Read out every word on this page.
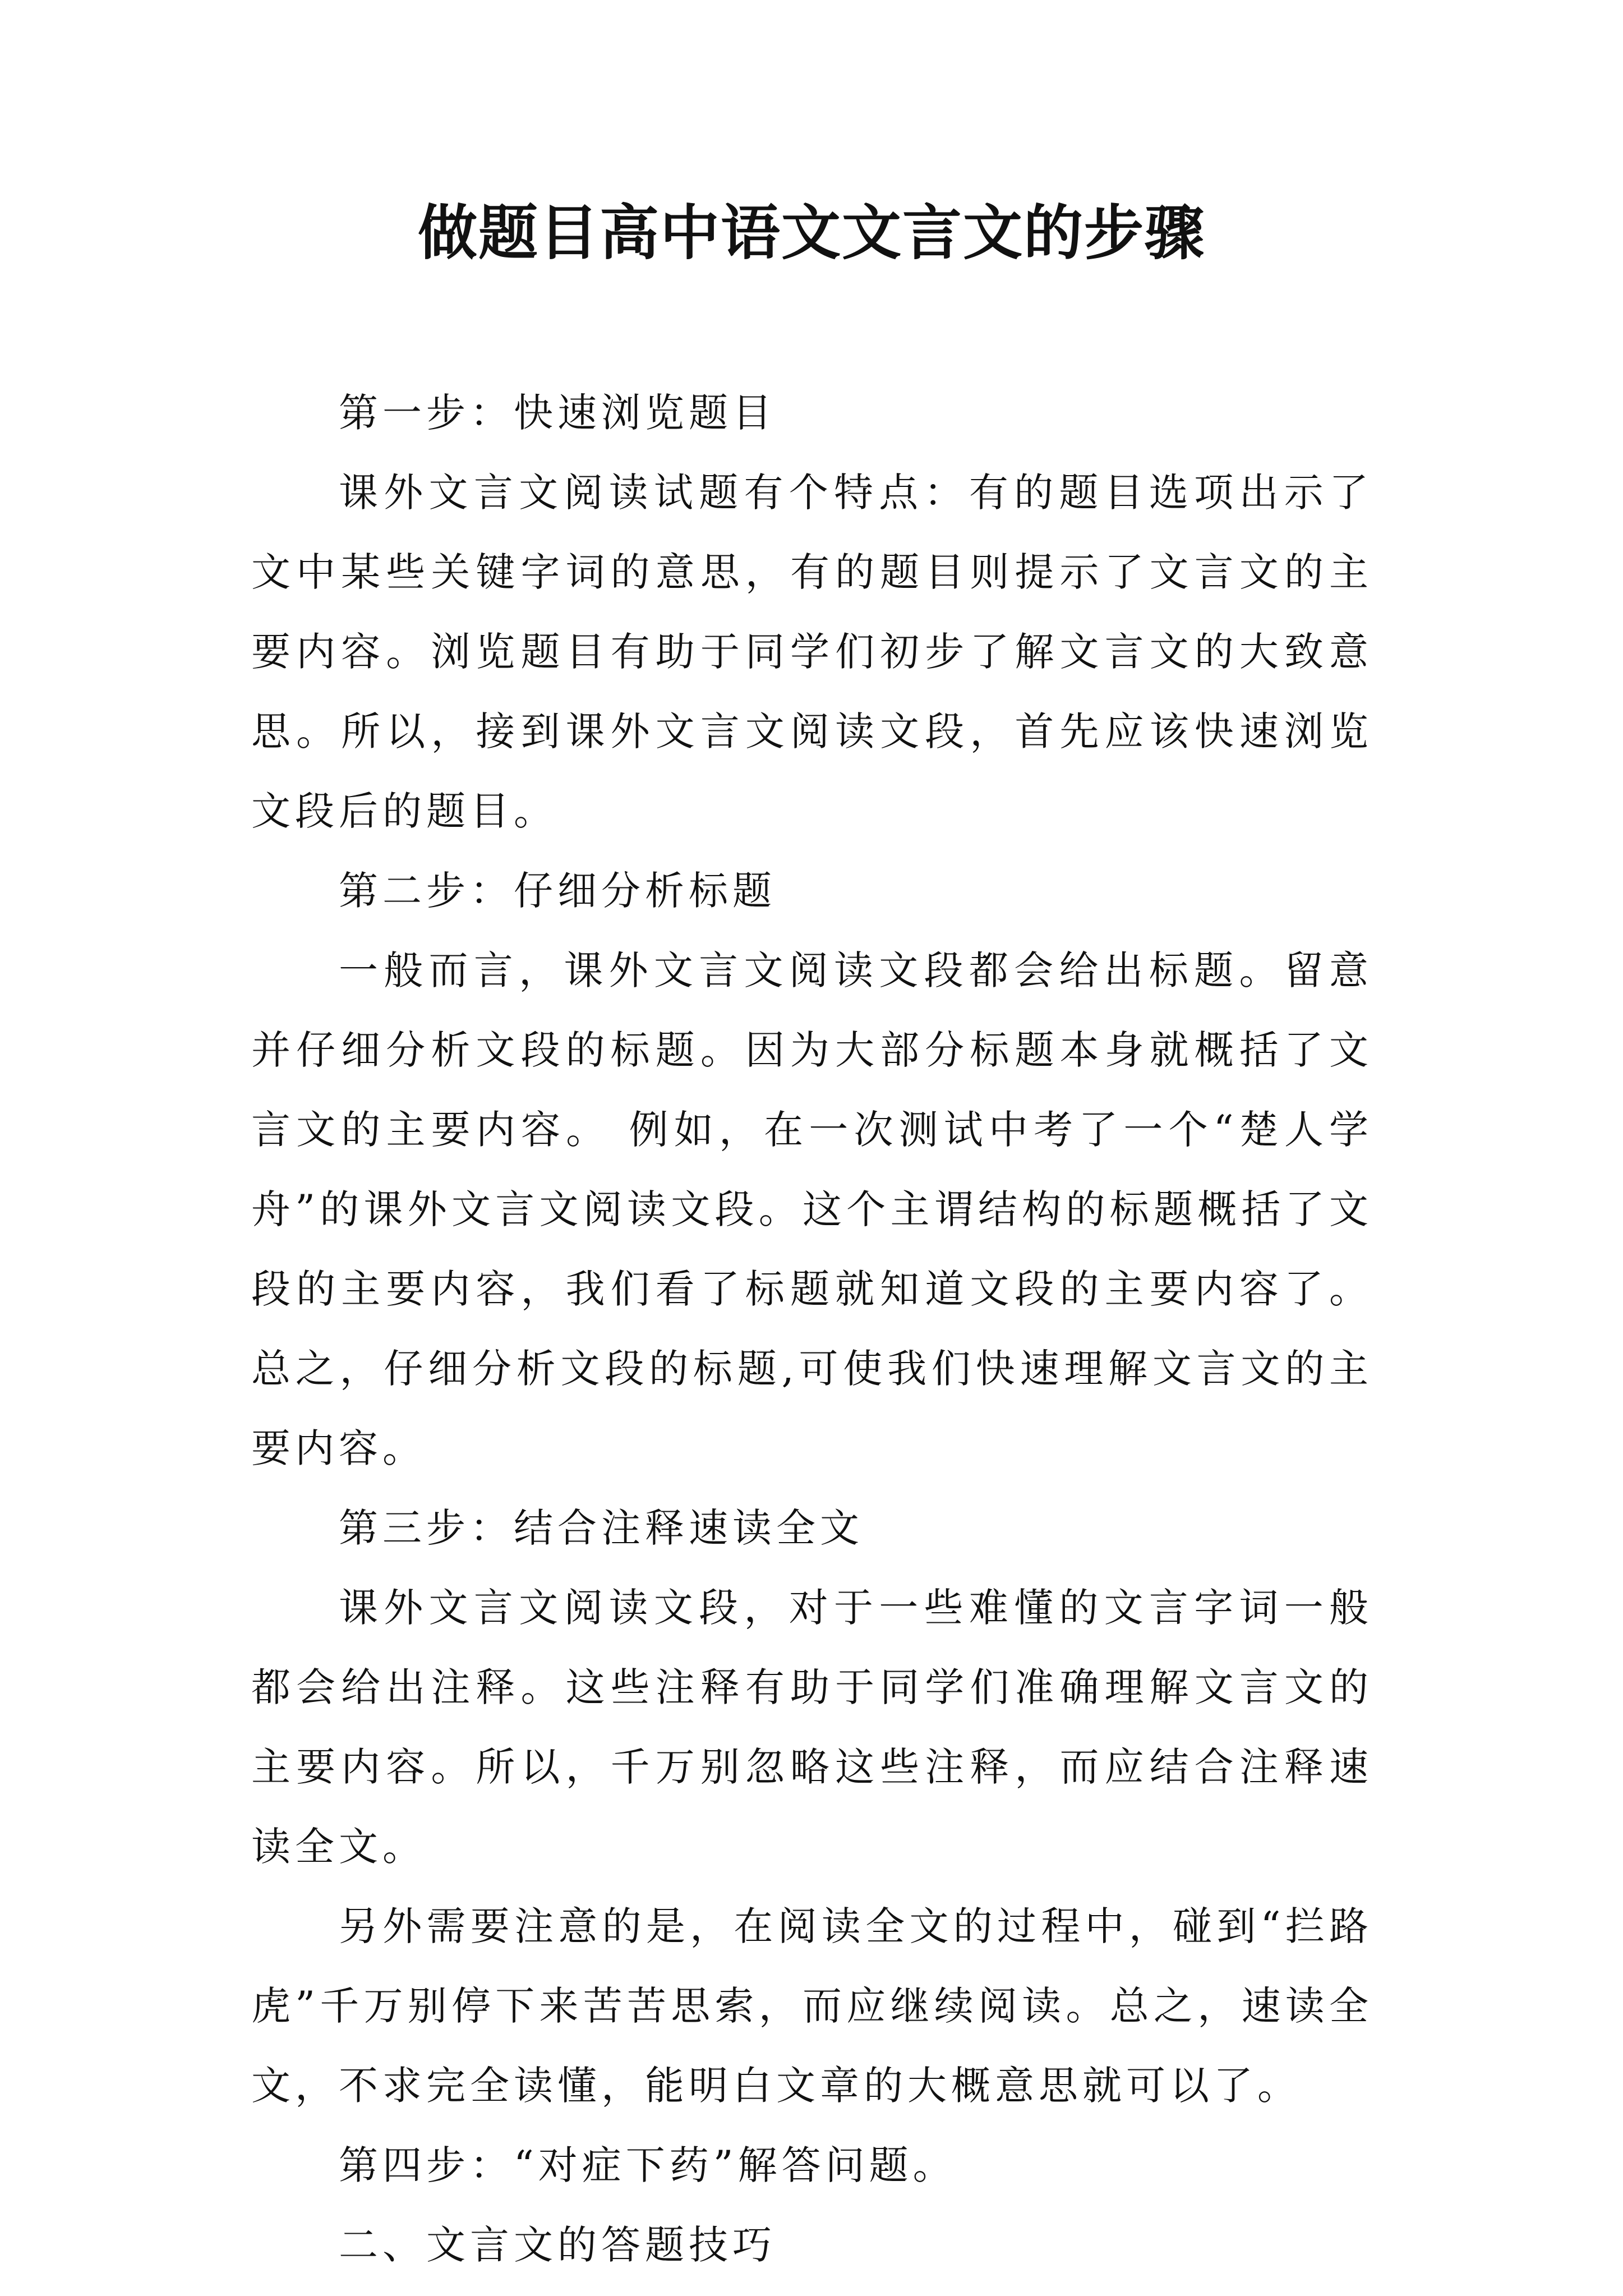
做题目高中语文文言文的步骤

第一步：快速浏览题目

课外文言文阅读试题有个特点：有的题目选项出示了文中某些关键字词的意思，有的题目则提示了文言文的主要内容。浏览题目有助于同学们初步了解文言文的大致意思。所以，接到课外文言文阅读文段，首先应该快速浏览文段后的题目。

第二步：仔细分析标题

一般而言，课外文言文阅读文段都会给出标题。留意并仔细分析文段的标题。因为大部分标题本身就概括了文言文的主要内容。 例如，在一次测试中考了一个“楚人学舟”的课外文言文阅读文段。这个主谓结构的标题概括了文段的主要内容，我们看了标题就知道文段的主要内容了。总之，仔细分析文段的标题,可使我们快速理解文言文的主要内容。

第三步：结合注释速读全文

课外文言文阅读文段，对于一些难懂的文言字词一般都会给出注释。这些注释有助于同学们准确理解文言文的主要内容。所以，千万别忽略这些注释，而应结合注释速读全文。

另外需要注意的是，在阅读全文的过程中，碰到“拦路虎”千万别停下来苦苦思索，而应继续阅读。总之，速读全文，不求完全读懂，能明白文章的大概意思就可以了。

第四步：“对症下药”解答问题。

二、文言文的答题技巧
